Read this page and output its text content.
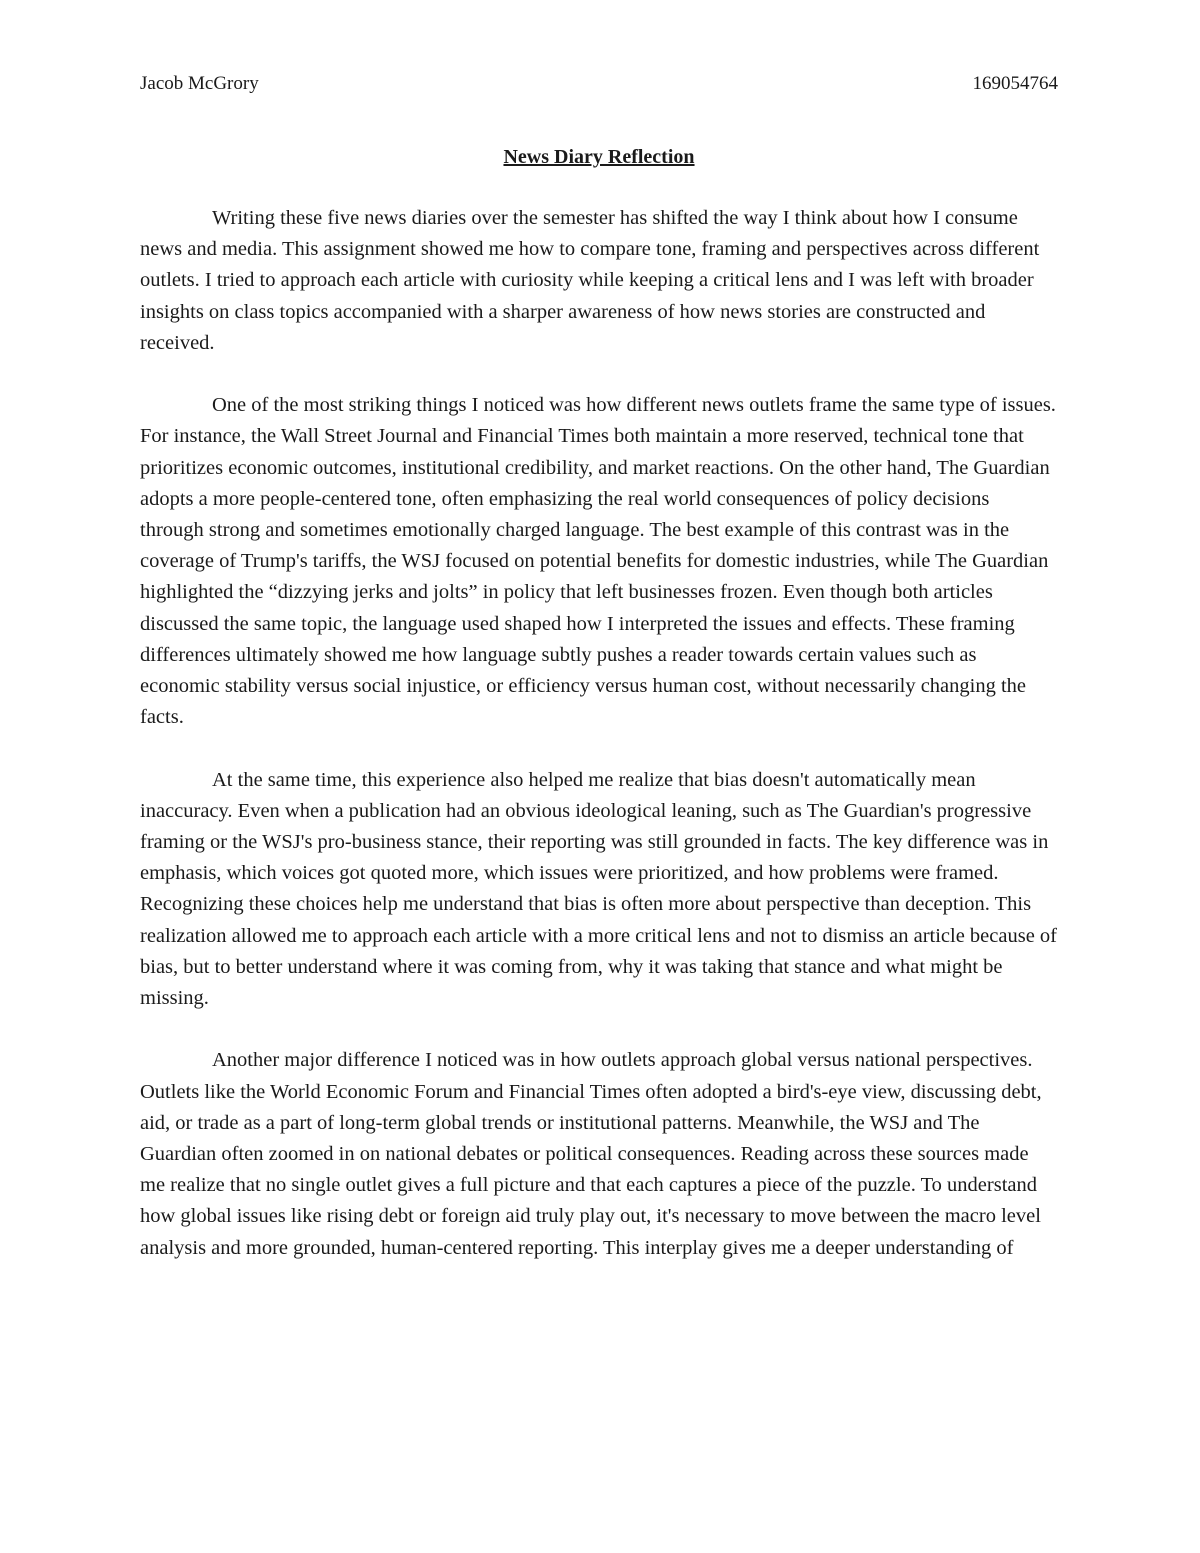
Jacob McGrory	169054764
News Diary Reflection

Writing these five news diaries over the semester has shifted the way I think about how I consume news and media. This assignment showed me how to compare tone, framing and perspectives across different outlets. I tried to approach each article with curiosity while keeping a critical lens and I was left with broader insights on class topics accompanied with a sharper awareness of how news stories are constructed and received.

One of the most striking things I noticed was how different news outlets frame the same type of issues. For instance, the Wall Street Journal and Financial Times both maintain a more reserved, technical tone that prioritizes economic outcomes, institutional credibility, and market reactions. On the other hand, The Guardian adopts a more people-centered tone, often emphasizing the real world consequences of policy decisions through strong and sometimes emotionally charged language. The best example of this contrast was in the coverage of Trump's tariffs, the WSJ focused on potential benefits for domestic industries, while The Guardian highlighted the “dizzying jerks and jolts” in policy that left businesses frozen. Even though both articles discussed the same topic, the language used shaped how I interpreted the issues and effects. These framing differences ultimately showed me how language subtly pushes a reader towards certain values such as economic stability versus social injustice, or efficiency versus human cost, without necessarily changing the facts.

At the same time, this experience also helped me realize that bias doesn't automatically mean inaccuracy. Even when a publication had an obvious ideological leaning, such as The Guardian's progressive framing or the WSJ's pro-business stance, their reporting was still grounded in facts. The key difference was in emphasis, which voices got quoted more, which issues were prioritized, and how problems were framed. Recognizing these choices help me understand that bias is often more about perspective than deception. This realization allowed me to approach each article with a more critical lens and not to dismiss an article because of bias, but to better understand where it was coming from, why it was taking that stance and what might be missing.

Another major difference I noticed was in how outlets approach global versus national perspectives. Outlets like the World Economic Forum and Financial Times often adopted a bird's-eye view, discussing debt, aid, or trade as a part of long-term global trends or institutional patterns. Meanwhile, the WSJ and The Guardian often zoomed in on national debates or political consequences. Reading across these sources made me realize that no single outlet gives a full picture and that each captures a piece of the puzzle. To understand how global issues like rising debt or foreign aid truly play out, it's necessary to move between the macro level analysis and more grounded, human-centered reporting. This interplay gives me a deeper understanding of
